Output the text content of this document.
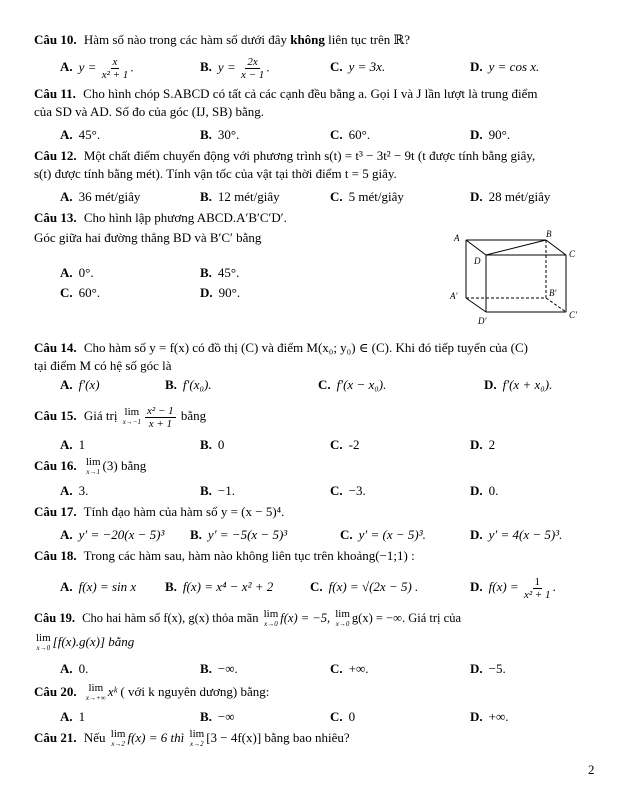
Câu 10. Hàm số nào trong các hàm số dưới đây không liên tục trên ℝ?
A. $y = \frac{x}{\text{x² + 1}}$ .	B. $y = \frac{2x}{x - 1}$ .	C. y = 3x.	D. y = cos x.
Câu 11. Cho hình chóp S.ABCD có tất cả các cạnh đều bằng a. Gọi I và J lần lượt là trung điểm
của SD và AD. Số đo của góc (IJ, SB) bằng.
A. 45°.	B. 30°.	C. 60°.	D. 90°.
Câu 12. Một chất điểm chuyển động với phương trình s(t) = t³ − 3t² − 9t (t được tính bằng giây,
s(t) được tính bằng mét). Tính vận tốc của vật tại thời điểm t = 5 giây.
A. 36 mét/giây	B. 12 mét/giây	C. 5 mét/giây	D. 28 mét/giây
Câu 13. Cho hình lập phương ABCD.A′B′C′D′.
Góc giữa hai đường thẳng BD và B′C′ bằng
A. 0°.	B. 45°.
C. 60°.	D. 90°.
A	B
C
D
A′	B′
C′
D′
Câu 14. Cho hàm số y = f(x) có đồ thị (C) và điểm M(x₀; y₀) ∈ (C). Khi đó tiếp tuyến của (C)
tại điểm M có hệ số góc là
A. f′(x)	B. f′(x₀).	C. f′(x − x₀).	D. f′(x + x₀).
Câu 15. Giá trị lim
$x\to-1 \frac{\text{x² − 1}}{x + 1}$ bằng
A. 1	B. 0	C. -2	D. 2
Câu 16. lim
x→1 (3) bằng
A. 3.	B. −1.	C. −3.	D. 0.
Câu 17. Tính đạo hàm của hàm số y = (x − 5)⁴.
A. y′ = −20(x − 5)³ B. y′ = −5(x − 5)³	C. y′ = (x − 5)³.	D. y′ = 4(x − 5)³.
Câu 18. Trong các hàm sau, hàm nào không liên tục trên khoảng(−1;1) :
A. f(x) = sin x B. f(x) = x⁴ − x² + 2	C. f(x) = √(2x − 5) .	D. $f(x) = \frac{1}{\text{x² + 1}}$ .
Câu 19. Cho hai hàm số f(x), g(x) thỏa mãn lim
x→0 f(x) = −5, lim
x→0 g(x) = −∞. Giá trị của
lim
x→0 [f(x).g(x)] bằng
A. 0.	B. −∞.	C. +∞.	D. −5.
Câu 20. lim
x→+∞ xᵏ ( với k nguyên dương) bằng:
A. 1	B. −∞	C. 0	D. +∞.
Câu 21. Nếu lim
x→2 f(x) = 6 thì lim
x→2 [3 − 4f(x)] bằng bao nhiêu?
2
